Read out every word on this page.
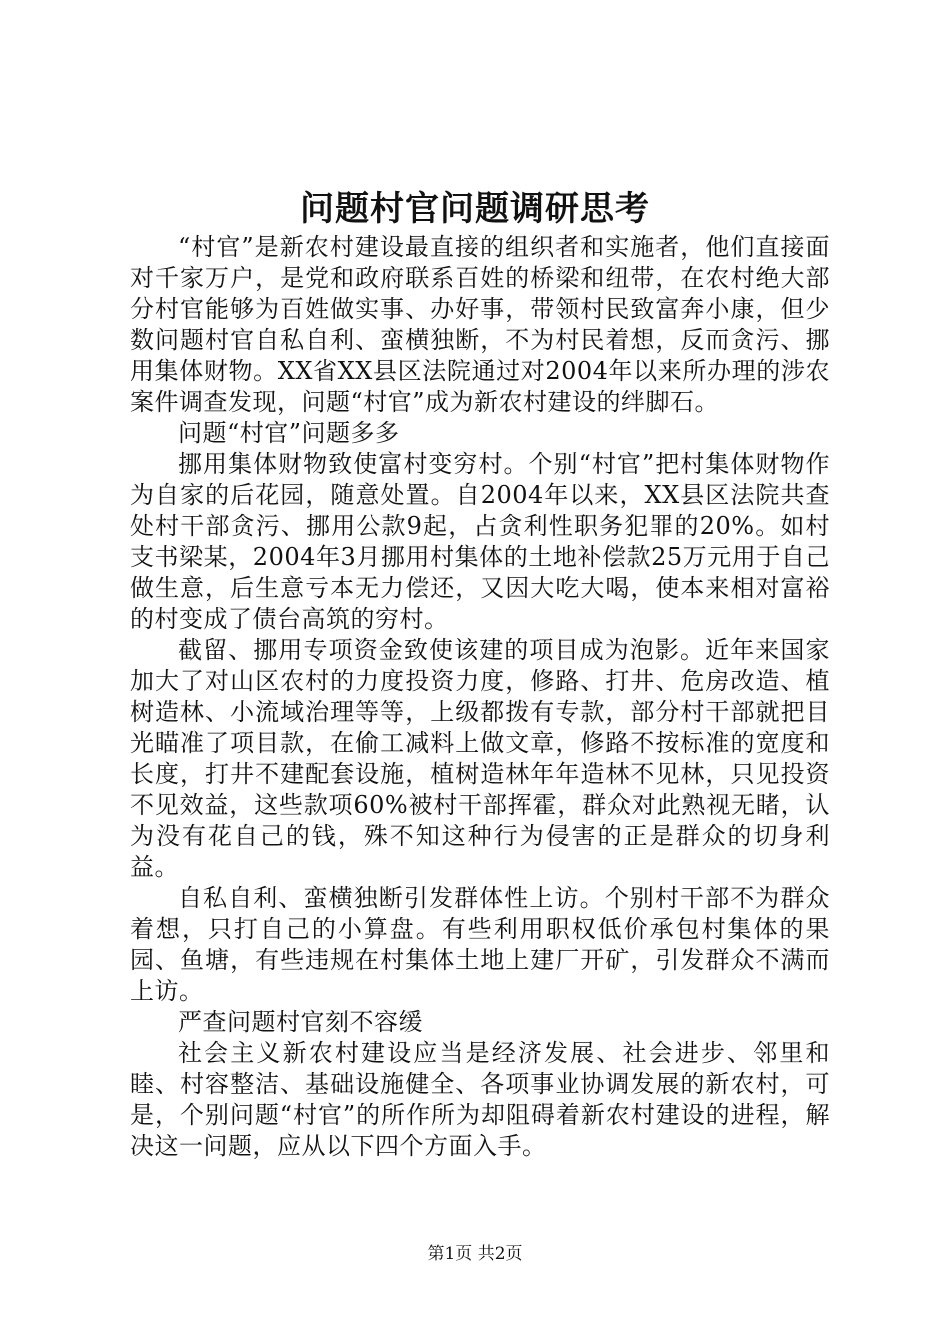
问题村官问题调研思考

“村官”是新农村建设最直接的组织者和实施者，他们直接面对千家万户，是党和政府联系百姓的桥梁和纽带，在农村绝大部分村官能够为百姓做实事、办好事，带领村民致富奔小康，但少数问题村官自私自利、蛮横独断，不为村民着想，反而贪污、挪用集体财物。XX省XX县区法院通过对2004年以来所办理的涉农案件调查发现，问题“村官”成为新农村建设的绊脚石。

问题“村官”问题多多

挪用集体财物致使富村变穷村。个别“村官”把村集体财物作为自家的后花园，随意处置。自2004年以来，XX县区法院共查处村干部贪污、挪用公款9起，占贪利性职务犯罪的20%。如村支书梁某，2004年3月挪用村集体的土地补偿款25万元用于自己做生意，后生意亏本无力偿还，又因大吃大喝，使本来相对富裕的村变成了债台高筑的穷村。

截留、挪用专项资金致使该建的项目成为泡影。近年来国家加大了对山区农村的力度投资力度，修路、打井、危房改造、植树造林、小流域治理等等，上级都拨有专款，部分村干部就把目光瞄准了项目款，在偷工减料上做文章，修路不按标准的宽度和长度，打井不建配套设施，植树造林年年造林不见林，只见投资不见效益，这些款项60%被村干部挥霍，群众对此熟视无睹，认为没有花自己的钱，殊不知这种行为侵害的正是群众的切身利益。

自私自利、蛮横独断引发群体性上访。个别村干部不为群众着想，只打自己的小算盘。有些利用职权低价承包村集体的果园、鱼塘，有些违规在村集体土地上建厂开矿，引发群众不满而上访。

严查问题村官刻不容缓

社会主义新农村建设应当是经济发展、社会进步、邻里和睦、村容整洁、基础设施健全、各项事业协调发展的新农村，可是，个别问题“村官”的所作所为却阻碍着新农村建设的进程，解决这一问题，应从以下四个方面入手。

第1页 共2页
